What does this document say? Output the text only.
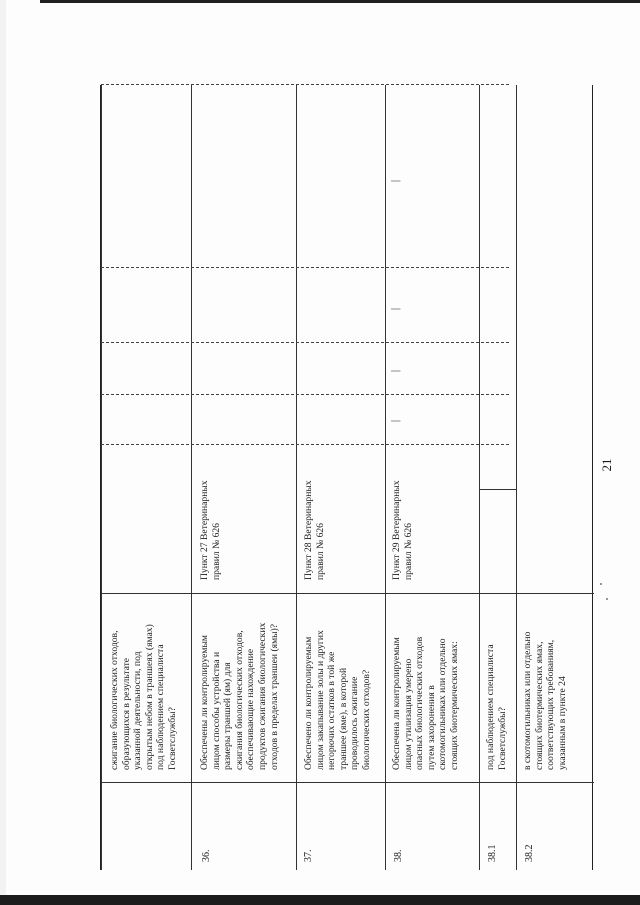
21
сжигание биологических отходов,
образующихся в результате
указанной деятельности, под
открытым небом в траншеях (ямах)
под наблюдением специалиста
Госветслужбы?
36.
Обеспечены ли контролируемым
лицом способы устройства и
размеры траншей (ям) для
сжигания биологических отходов,
обеспечивающие нахождение
продуктов сжигания биологических
отходов в пределах траншеи (ямы)?
Пункт 27 Ветеринарных
правил № 626
37.
Обеспечено ли контролируемым
лицом закапывание золы и других
негорючих остатков в той же
траншее (яме), в которой
проводилось сжигание
биологических отходов?
Пункт 28 Ветеринарных
правил № 626
38.
Обеспечена ли контролируемым
лицом утилизация умерено
опасных биологических отходов
путем захоронения в
скотомогильниках или отдельно
стоящих биотермических ямах:
Пункт 29 Ветеринарных
правил № 626
|
|
|
|
38.1
под наблюдением специалиста
Госветслужбы?
38.2
в скотомогильниках или отдельно
стоящих биотермических ямах,
соответствующих требованиям,
указанным в пункте 24
